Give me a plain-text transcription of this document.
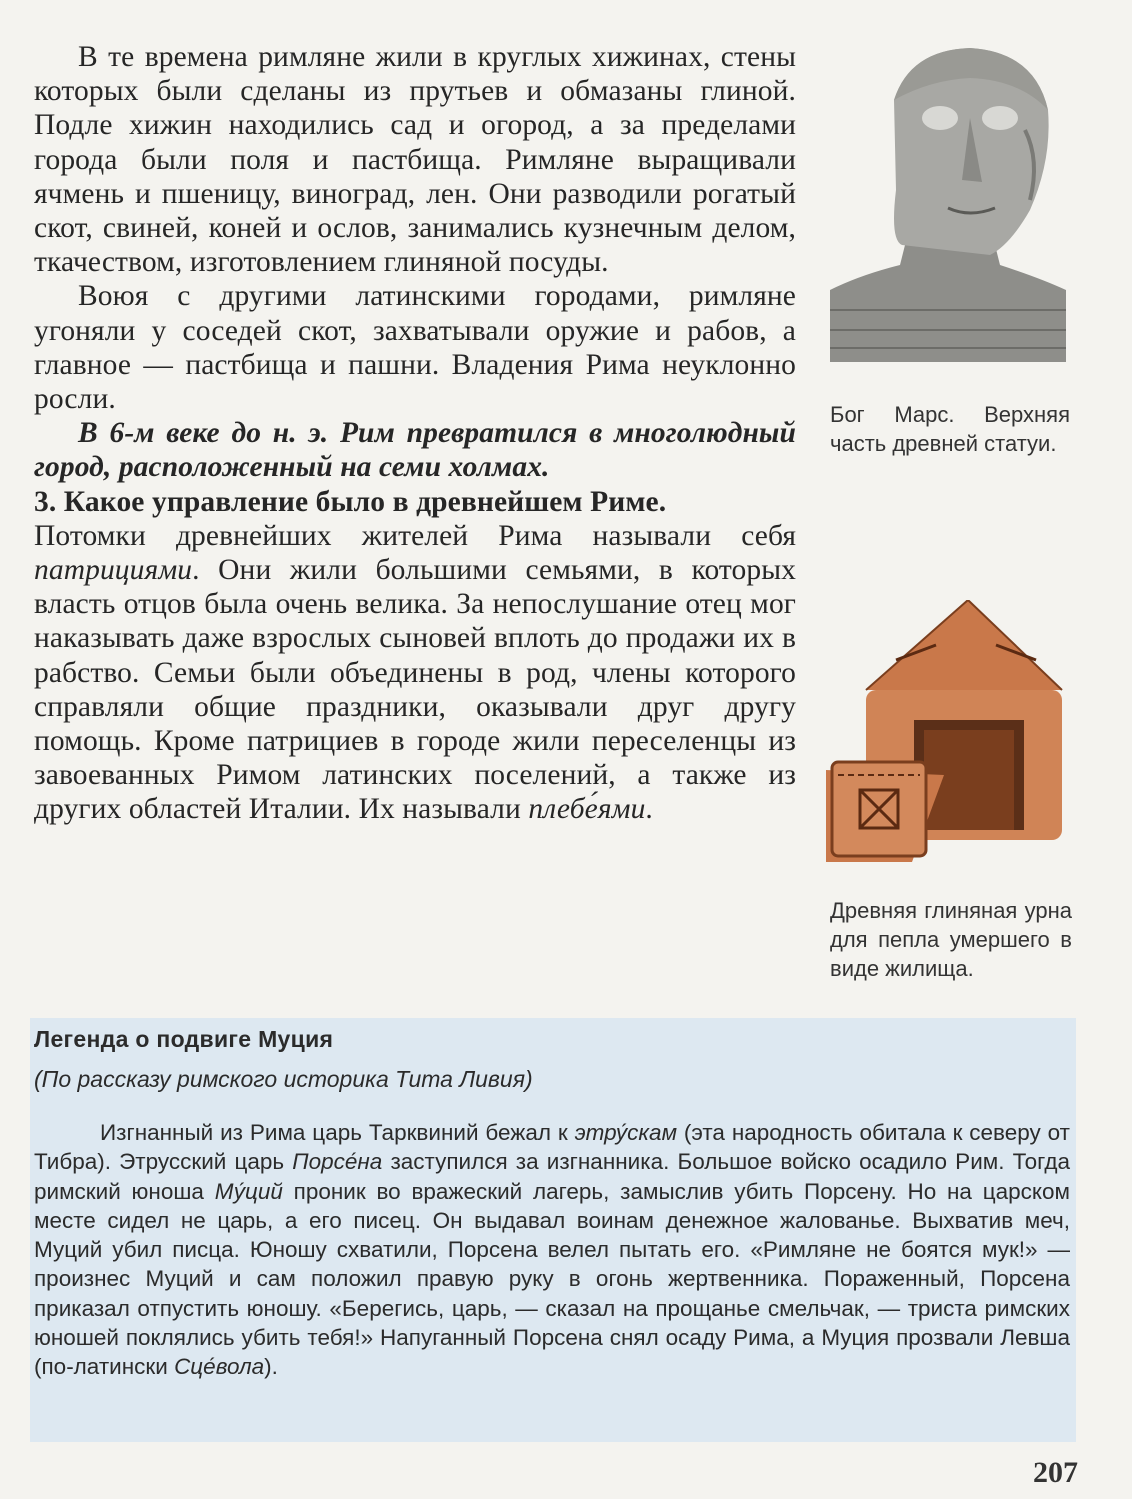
В те времена римляне жили в круглых хижинах, стены которых были сделаны из прутьев и обмазаны глиной. Подле хижин находились сад и огород, а за пределами города были поля и пастбища. Римляне выращивали ячмень и пшеницу, виноград, лен. Они разводили рогатый скот, свиней, коней и ослов, занимались кузнечным делом, ткачеством, изготовлением глиняной посуды.

Воюя с другими латинскими городами, римляне угоняли у соседей скот, захватывали оружие и рабов, а главное — пастбища и пашни. Владения Рима неуклонно росли.

В 6-м веке до н. э. Рим превратился в многолюдный город, расположенный на семи холмах.

3. Какое управление было в древнейшем Риме.

Потомки древнейших жителей Рима называли себя патрициями. Они жили большими семьями, в которых власть отцов была очень велика. За непослушание отец мог наказывать даже взрослых сыновей вплоть до продажи их в рабство. Семьи были объединены в род, члены которого справляли общие праздники, оказывали друг другу помощь. Кроме патрициев в городе жили переселенцы из завоеванных Римом латинских поселений, а также из других областей Италии. Их называли плебе́ями.

Бог Марс. Верхняя часть древней статуи.
Древняя глиняная урна для пепла умершего в виде жилища.
Легенда о подвиге Муция
(По рассказу римского историка Тита Ливия)

Изгнанный из Рима царь Тарквиний бежал к этру́скам (эта народность обитала к северу от Тибра). Этрусский царь Порсе́на заступился за изгнанника. Большое войско осадило Рим. Тогда римский юноша Му́ций проник во вражеский лагерь, замыслив убить Порсену. Но на царском месте сидел не царь, а его писец. Он выдавал воинам денежное жалованье. Выхватив меч, Муций убил писца. Юношу схватили, Порсена велел пытать его. «Римляне не боятся мук!» — произнес Муций и сам положил правую руку в огонь жертвенника. Пораженный, Порсена приказал отпустить юношу. «Берегись, царь, — сказал на прощанье смельчак, — триста римских юношей поклялись убить тебя!» Напуганный Порсена снял осаду Рима, а Муция прозвали Левша (по-латински Сце́вола).

207
